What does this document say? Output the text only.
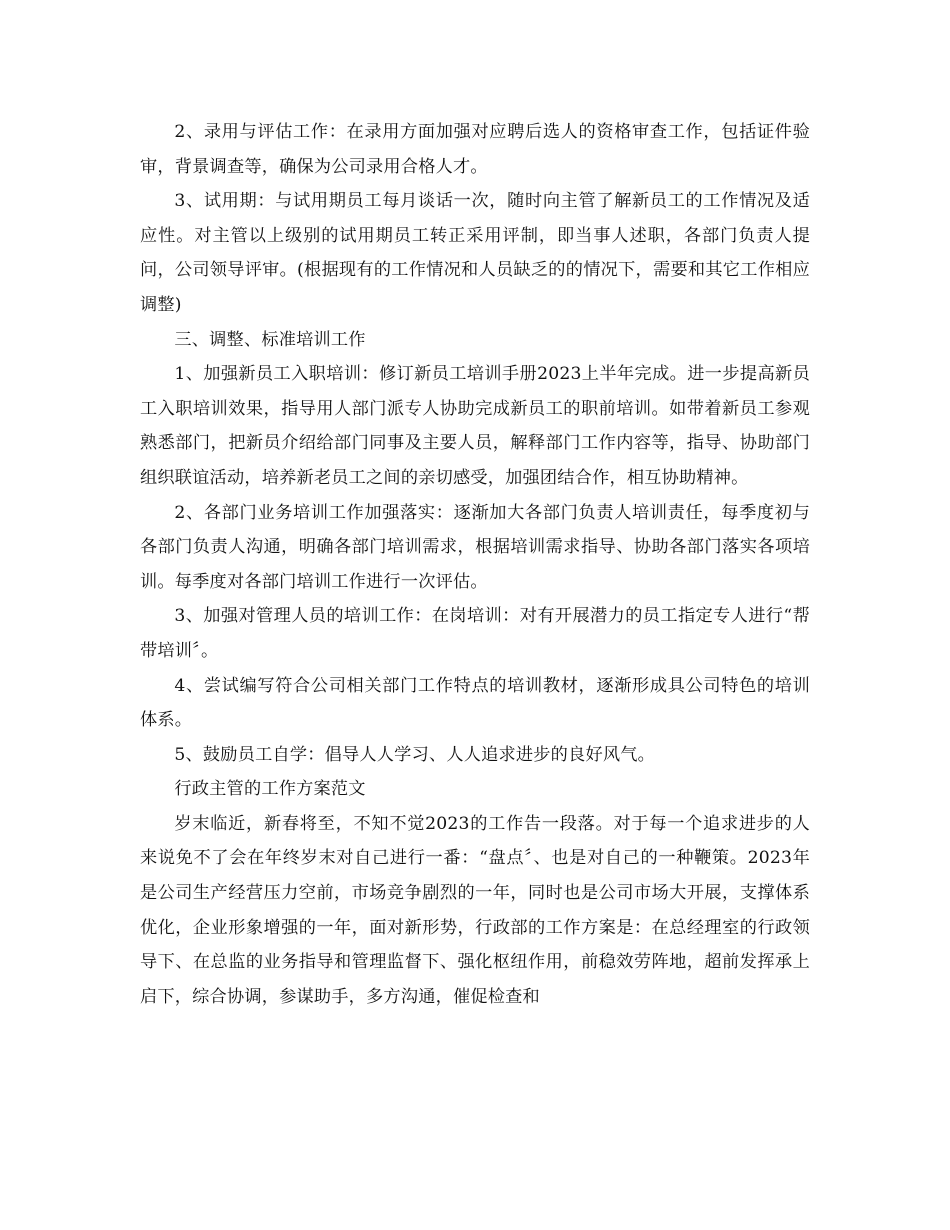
2、录用与评估工作：在录用方面加强对应聘后选人的资格审查工作，包括证件验审，背景调查等，确保为公司录用合格人才。

3、试用期：与试用期员工每月谈话一次，随时向主管了解新员工的工作情况及适应性。对主管以上级别的试用期员工转正采用评制，即当事人述职，各部门负责人提问，公司领导评审。(根据现有的工作情况和人员缺乏的的情况下，需要和其它工作相应调整)

三、调整、标准培训工作

1、加强新员工入职培训：修订新员工培训手册2023上半年完成。进一步提高新员工入职培训效果，指导用人部门派专人协助完成新员工的职前培训。如带着新员工参观熟悉部门，把新员介绍给部门同事及主要人员，解释部门工作内容等，指导、协助部门组织联谊活动，培养新老员工之间的亲切感受，加强团结合作，相互协助精神。

2、各部门业务培训工作加强落实：逐渐加大各部门负责人培训责任，每季度初与各部门负责人沟通，明确各部门培训需求，根据培训需求指导、协助各部门落实各项培训。每季度对各部门培训工作进行一次评估。

3、加强对管理人员的培训工作：在岗培训：对有开展潜力的员工指定专人进行“帮带培训〞。

4、尝试编写符合公司相关部门工作特点的培训教材，逐渐形成具公司特色的培训体系。

5、鼓励员工自学：倡导人人学习、人人追求进步的良好风气。

行政主管的工作方案范文

岁末临近，新春将至，不知不觉2023的工作告一段落。对于每一个追求进步的人来说免不了会在年终岁末对自己进行一番：“盘点〞、也是对自己的一种鞭策。2023年是公司生产经营压力空前，市场竞争剧烈的一年，同时也是公司市场大开展，支撑体系优化，企业形象增强的一年，面对新形势，行政部的工作方案是：在总经理室的行政领导下、在总监的业务指导和管理监督下、强化枢纽作用，前稳效劳阵地，超前发挥承上启下，综合协调，参谋助手，多方沟通，催促检查和
